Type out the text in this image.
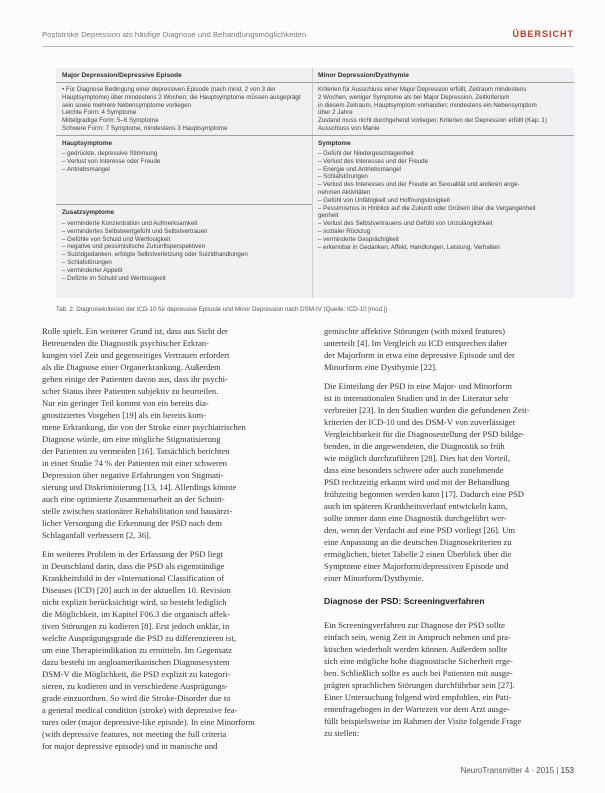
Poststroke Depression als häufige Diagnose und Behandlungsmöglichkeiten	ÜBERSICHT
Major Depression/Depressive Episode	Minor Depression/Dysthymie
• Für Diagnose Bedingung einer depressiven Episode (nach mind. 2 von 3 der
Hauptsymptome) über mindestens 2 Wochen; die Hauptsymptome müssen ausgeprägt
sein sowie mehrere Nebensymptome vorliegen
Leichte Form: 4 Symptome
Mittelgradige Form: 5–6 Symptome
Schwere Form: 7 Symptome, mindestens 3 Hauptsymptome
Kriterien für Ausschluss einer Major Depression erfüllt, Zeitraum mindestens
2 Wochen, weniger Symptome als bei Major Depression, Zeitkriterium
in diesem Zeitraum, Hauptsymptom vorhanden; mindestens ein Nebensymptom
über 2 Jahre
Zustand muss nicht durchgehend vorliegen; Kriterien der Depression erfüllt (Kap. 1)
Ausschluss von Manie
Hauptsymptome
– gedrückte, depressive Stimmung
– Verlust von Interesse oder Freude
– Antriebsmangel
Zusatzsymptome
– verminderte Konzentration und Aufmerksamkeit
– vermindertes Selbstwertgefühl und Selbstvertrauen
– Gefühle von Schuld und Wertlosigkeit
– negative und pessimistische Zukunftsperspektiven
– Suizidgedanken, erfolgte Selbstverletzung oder Suizidhandlungen
– Schlafstörungen
– verminderter Appetit
– Defizite im Schuld und Wertlosigkeit
Symptome
– Gefühl der Niedergeschlagenheit
– Verlust des Interesses und der Freude
– Energie und Antriebsmangel
– Schlafstörungen
– Verlust des Interesses und der Freude an Sexualität und anderen ange-
nehmen Aktivitäten
– Gefühl von Unfähigkeit und Hoffnungslosigkeit
– Pessimismus in Hinblick auf die Zukunft oder Grübeln über die Vergangenheit
genheit
– Verlust des Selbstvertrauens und Gefühl von Unzulänglichkeit
– sozialer Rückzug
– verminderte Gesprächigkeit
– erkennbar in Gedanken, Affekt, Handlungen, Leistung, Verhalten
Tab. 2: Diagnosekriterien der ICD-10 für depressive Episode und Minor Depression nach DSM-IV (Quelle: ICD-10 [mod.])
Rolle spielt. Ein weiterer Grund ist, dass aus Sicht der
Betreuenden die Diagnostik psychischer Erkran-
kungen viel Zeit und gegenseitiges Vertrauen erfordert
als die Diagnose einer Organerkrankung. Außerdem
gehen einige der Patienten davon aus, dass ihr psychi-
scher Status ihrer Patienten subjektiv zu beurteilen.
Nur ein geringer Teil kommt von ein bereits dia-
gnostiziertes Vorgehen [19] als ein bereits kom-
mene Erkrankung, die von der Stroke einer psychiatrischen
Diagnose würde, um eine mögliche Stigmatisierung
der Patienten zu vermeiden [16]. Tatsächlich berichten
in einer Studie 74 % der Patienten mit einer schweren
Depression über negative Erfahrungen von Stigmati-
sierung und Diskriminierung [13, 14]. Allerdings könnte
auch eine optimierte Zusammenarbeit an der Schnitt-
stelle zwischen stationärer Rehabilitation und hausärzt-
licher Versorgung die Erkennung der PSD nach dem
Schlaganfall verbessern [2, 36].
Ein weiteres Problem in der Erfassung der PSD liegt
in Deutschland darin, dass die PSD als eigenständige
Krankheitsbild in der »International Classification of
Diseases (ICD) [20] auch in der aktuellen 10. Revision
nicht explizit berücksichtigt wird, so besteht lediglich
die Möglichkeit, im Kapitel F06.3 die organisch affek-
tiven Störungen zu kodieren [8]. Erst jedoch unklar, in
welche Ausprägungsgrade die PSD zu differenzieren ist,
um eine Therapieindikation zu ermitteln. Im Gegensatz
dazu besteht im angloamerikanischen Diagnosesystem
DSM-V die Möglichkeit, die PSD explizit zu kategori-
sieren, zu kodieren und in verschiedene Ausprägungs-
grade einzuordnen. So wird die Stroke-Disorder due to
a general medical condition (stroke) with depressive fea-
tures oder (major depressive-like episode). In eine Minorform
(with depressive features, not meeting the full criteria
for major depressive episode) und in manische und
gemischte affektive Störungen (with mixed features)
unterteilt [4]. Im Vergleich zu ICD entsprechen daher
der Majorform in etwa eine depressive Episode und der
Minorform eine Dysthymie [22].
Die Einteilung der PSD in eine Major- und Minorform
ist in internationalen Studien und in der Literatur sehr
verbreitet [23]. In den Studien wurden die gefundenen Zeit-
kriterien der ICD-10 und des DSM-V von zuverlässiger
Vergleichbarkeit für die Diagnosestellung der PSD bildge-
benden, in die angewendeten, die Diagnostik so früh
wie möglich durchzuführen [28]. Dies hat den Vorteil,
dass eine besonders schwere oder auch zunehmende
PSD rechtzeitig erkannt wird und mit der Behandlung
frühzeitig begonnen werden kann [17]. Dadurch eine PSD
auch im späteren Krankheitsverlauf entwickeln kann,
sollte immer dann eine Diagnostik durchgeführt wer-
den, wenn der Verdacht auf eine PSD vorliegt [26]. Um
eine Anpassung an die deutschen Diagnosekriterien zu
ermöglichen, bietet Tabelle 2 einen Überblick über die
Symptome einer Majorform/depressiven Episode und
einer Minorform/Dysthymie.
Diagnose der PSD: Screeningverfahren
Ein Screeningverfahren zur Diagnose der PSD sollte
einfach sein, wenig Zeit in Anspruch nehmen und pra-
ktischen wiederholt werden können. Außerdem sollte
sich eine mögliche hohe diagnostische Sicherheit erge-
ben. Schließlich sollte es auch bei Patienten mit ausge-
prägten sprachlichen Störungen durchführbar sein [27].
Einer Untersuchung folgend wird empfohlen, ein Pati-
entenfragebogen in der Wartezeit vor dem Arzt ausge-
füllt beispielsweise im Rahmen der Visite folgende Frage
zu stellen:
NeuroTransmitter 4 · 2015 | 153
